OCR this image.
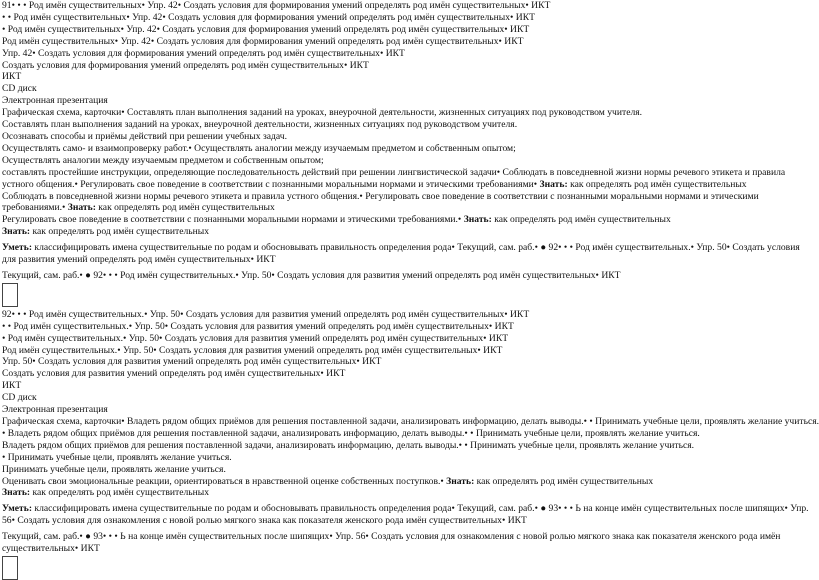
91• • • Род имён существительных• Упр. 42• Создать условия для формирования умений определять род имён существительных• ИКТ
• • Род имён существительных• Упр. 42• Создать условия для формирования умений определять род имён существительных• ИКТ
• Род имён существительных• Упр. 42• Создать условия для формирования умений определять род имён существительных• ИКТ
Род имён существительных• Упр. 42• Создать условия для формирования умений определять род имён существительных• ИКТ
Упр. 42• Создать условия для формирования умений определять род имён существительных• ИКТ
Создать условия для формирования умений определять род имён существительных• ИКТ
ИКТ
CD диск
Электронная презентация
Графическая схема, карточки• Составлять план выполнения заданий на уроках, внеурочной деятельности, жизненных ситуациях под руководством учителя.
Составлять план выполнения заданий на уроках, внеурочной деятельности, жизненных ситуациях под руководством учителя.
Осознавать способы и приёмы действий при решении учебных задач.
Осуществлять само- и взаимопроверку работ.• Осуществлять аналогии между изучаемым предметом и собственным опытом;
Осуществлять аналогии между изучаемым предметом и собственным опытом;
составлять простейшие инструкции, определяющие последовательность действий при решении лингвистической задачи• Соблюдать в повседневной жизни нормы речевого этикета и правила устного общения.• Регулировать свое поведение в соответствии с познанными моральными нормами и этическими требованиями• Знать: как определять род имён существительных
Соблюдать в повседневной жизни нормы речевого этикета и правила устного общения.• Регулировать свое поведение в соответствии с познанными моральными нормами и этическими требованиями.• Знать: как определять род имён существительных
Регулировать свое поведение в соответствии с познанными моральными нормами и этическими требованиями.• Знать: как определять род имён существительных
Знать: как определять род имён существительных
Уметь: классифицировать имена существительные по родам и обосновывать правильность определения рода• Текущий, сам. раб.• ● 92• • • Род имён существительных.• Упр. 50• Создать условия для развития умений определять род имён существительных• ИКТ
Текущий, сам. раб.• ● 92• • • Род имён существительных.• Упр. 50• Создать условия для развития умений определять род имён существительных• ИКТ
92• • • Род имён существительных.• Упр. 50• Создать условия для развития умений определять род имён существительных• ИКТ
• • Род имён существительных.• Упр. 50• Создать условия для развития умений определять род имён существительных• ИКТ
• Род имён существительных.• Упр. 50• Создать условия для развития умений определять род имён существительных• ИКТ
Род имён существительных.• Упр. 50• Создать условия для развития умений определять род имён существительных• ИКТ
Упр. 50• Создать условия для развития умений определять род имён существительных• ИКТ
Создать условия для развития умений определять род имён существительных• ИКТ
ИКТ
CD диск
Электронная презентация
Графическая схема, карточки• Владеть рядом общих приёмов для решения поставленной задачи, анализировать информацию, делать выводы.• • Принимать учебные цели, проявлять желание учиться.
• Владеть рядом общих приёмов для решения поставленной задачи, анализировать информацию, делать выводы.• • Принимать учебные цели, проявлять желание учиться.
Владеть рядом общих приёмов для решения поставленной задачи, анализировать информацию, делать выводы.• • Принимать учебные цели, проявлять желание учиться.
• Принимать учебные цели, проявлять желание учиться.
Принимать учебные цели, проявлять желание учиться.
Оценивать свои эмоциональные реакции, ориентироваться в нравственной оценке собственных поступков.• Знать: как определять род имён существительных
Знать: как определять род имён существительных
Уметь: классифицировать имена существительные по родам и обосновывать правильность определения рода• Текущий, сам. раб.• ● 93• • • Ь на конце имён существительных после шипящих• Упр. 56• Создать условия для ознакомления с новой ролью мягкого знака как показателя женского рода имён существительных• ИКТ
Текущий, сам. раб.• ● 93• • • Ь на конце имён существительных после шипящих• Упр. 56• Создать условия для ознакомления с новой ролью мягкого знака как показателя женского рода имён существительных• ИКТ
